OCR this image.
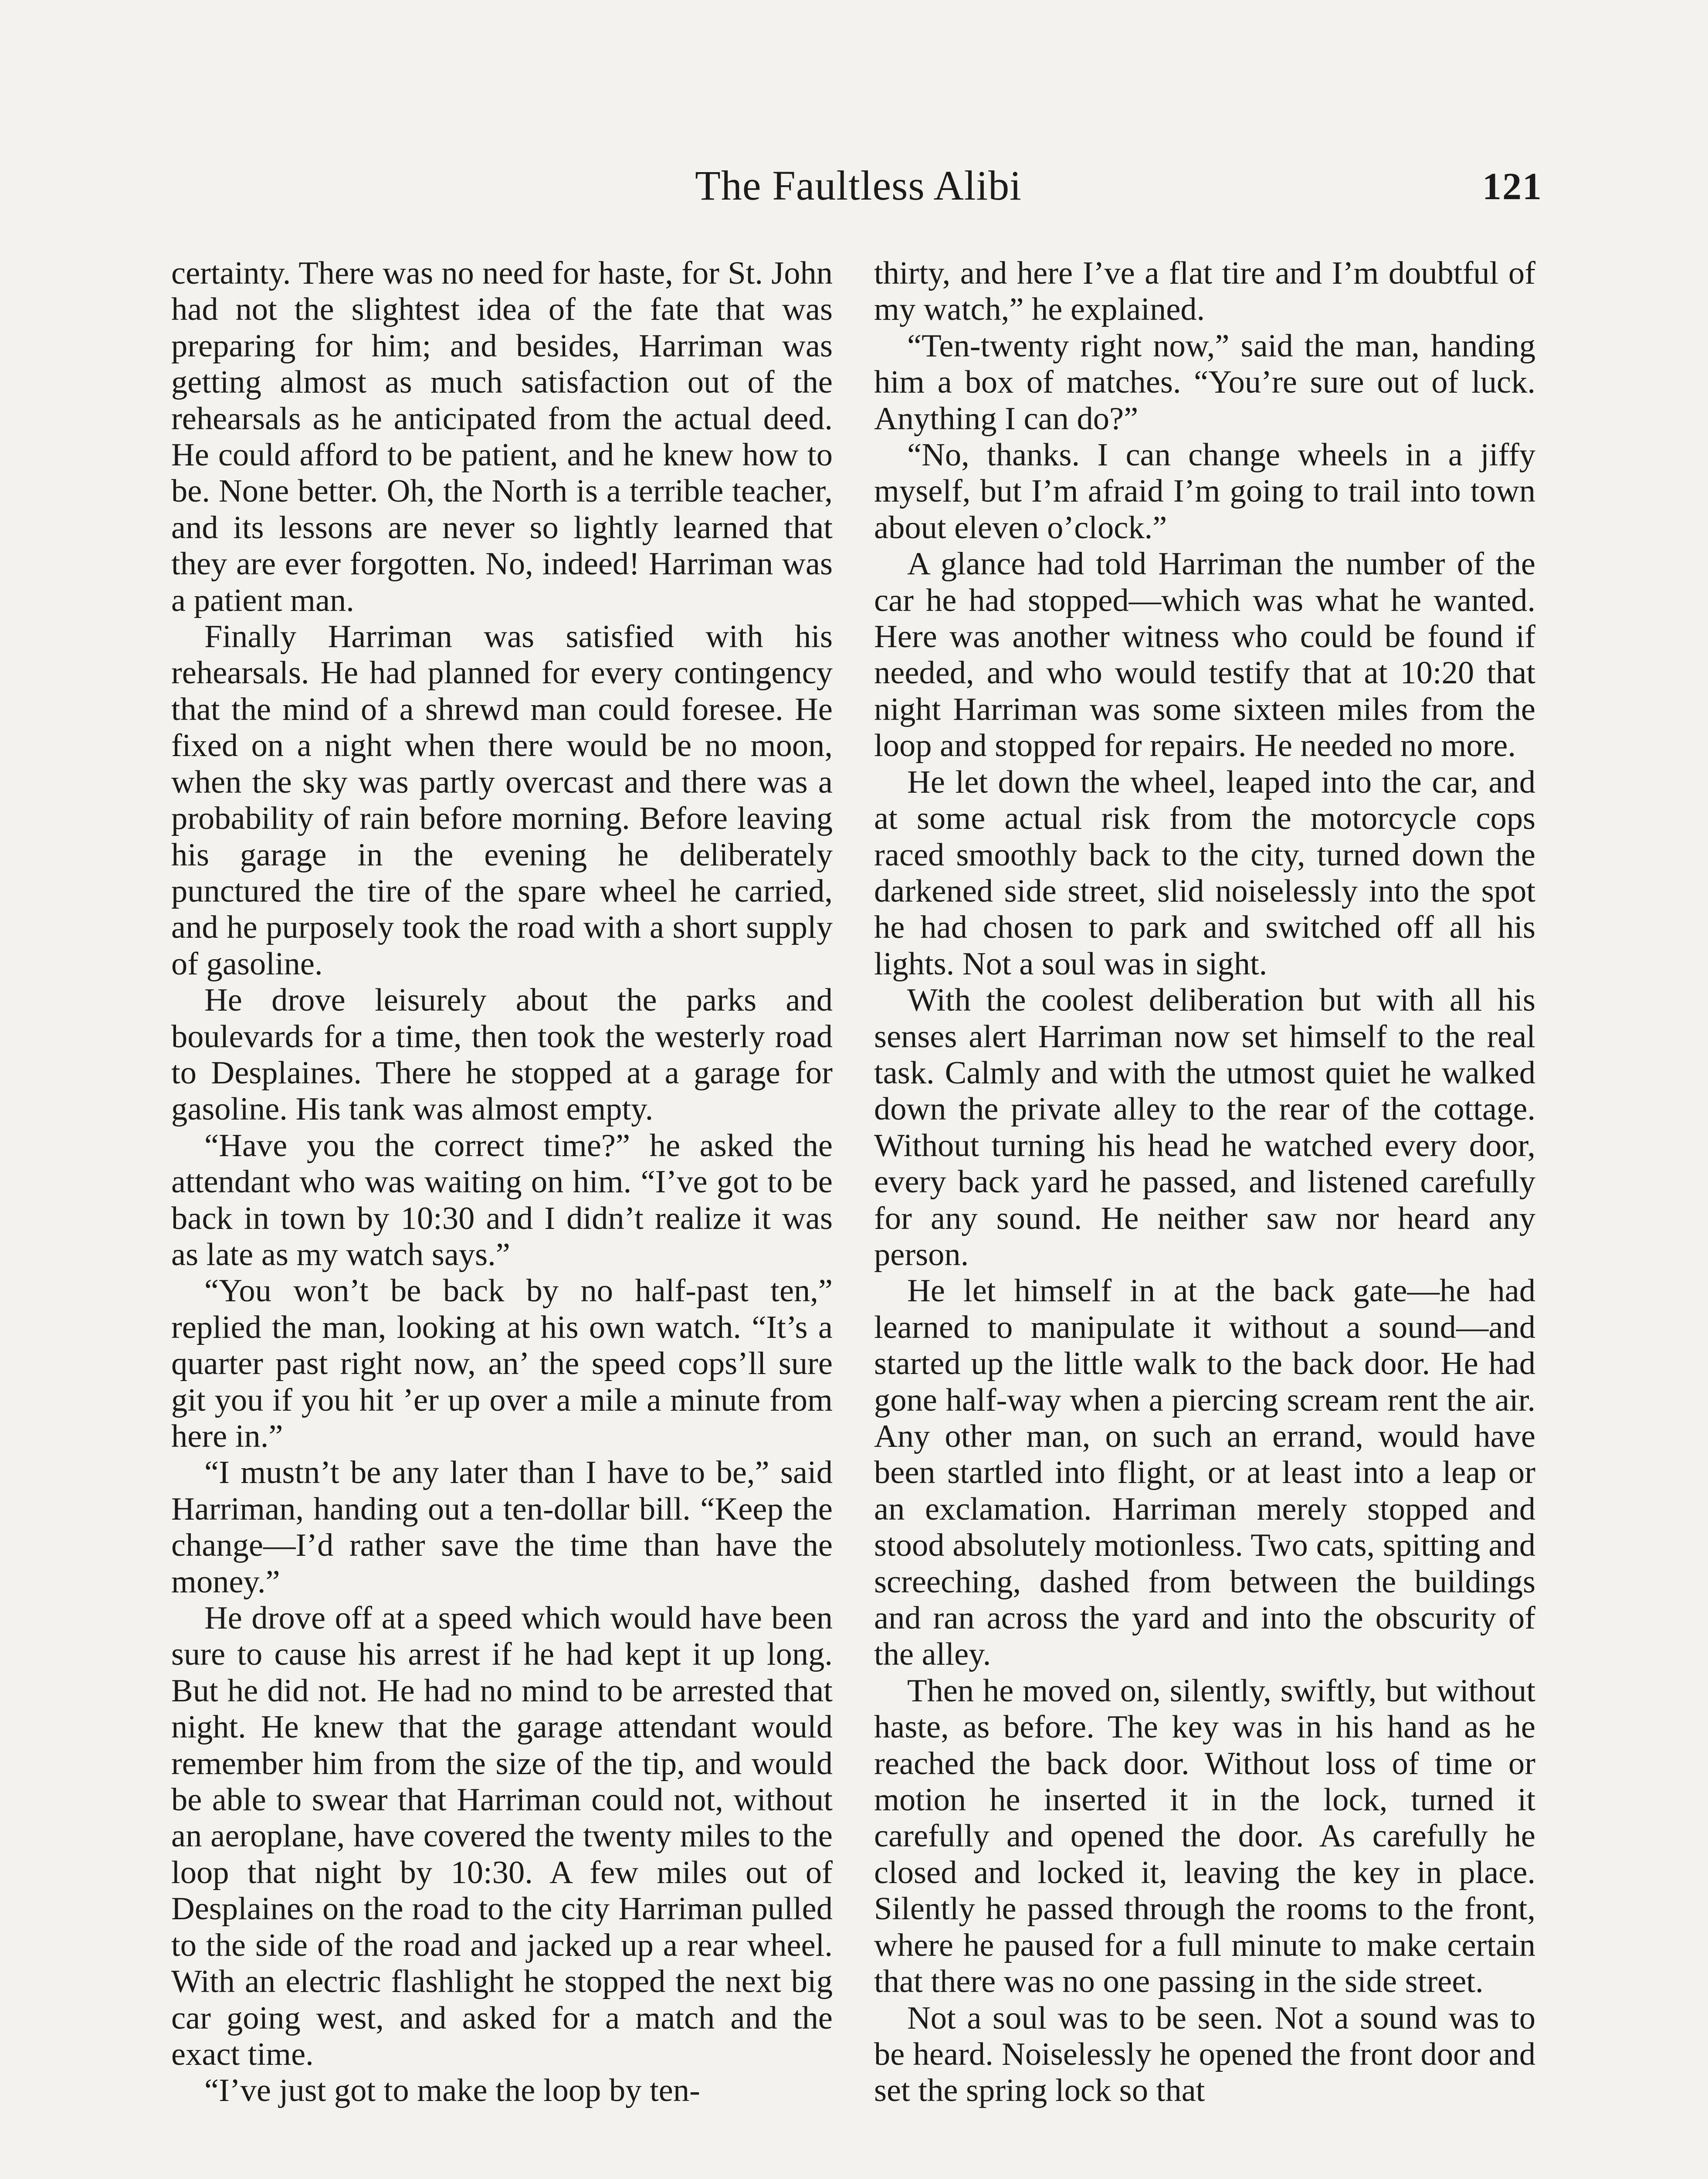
The Faultless Alibi	121

certainty. There was no need for haste, for St. John had not the slightest idea of the fate that was preparing for him; and besides, Harriman was getting almost as much satisfaction out of the rehearsals as he anticipated from the actual deed. He could afford to be patient, and he knew how to be. None better. Oh, the North is a terrible teacher, and its lessons are never so lightly learned that they are ever forgotten. No, indeed! Harriman was a patient man.

Finally Harriman was satisfied with his rehearsals. He had planned for every contingency that the mind of a shrewd man could foresee. He fixed on a night when there would be no moon, when the sky was partly overcast and there was a probability of rain before morning. Before leaving his garage in the evening he deliberately punctured the tire of the spare wheel he carried, and he purposely took the road with a short supply of gasoline.

He drove leisurely about the parks and boulevards for a time, then took the westerly road to Desplaines. There he stopped at a garage for gasoline. His tank was almost empty.

“Have you the correct time?” he asked the attendant who was waiting on him. “I’ve got to be back in town by 10:30 and I didn’t realize it was as late as my watch says.”

“You won’t be back by no half-past ten,” replied the man, looking at his own watch. “It’s a quarter past right now, an’ the speed cops’ll sure git you if you hit ’er up over a mile a minute from here in.”

“I mustn’t be any later than I have to be,” said Harriman, handing out a ten-dollar bill. “Keep the change—I’d rather save the time than have the money.”

He drove off at a speed which would have been sure to cause his arrest if he had kept it up long. But he did not. He had no mind to be arrested that night. He knew that the garage attendant would remember him from the size of the tip, and would be able to swear that Harriman could not, without an aeroplane, have covered the twenty miles to the loop that night by 10:30. A few miles out of Desplaines on the road to the city Harriman pulled to the side of the road and jacked up a rear wheel. With an electric flashlight he stopped the next big car going west, and asked for a match and the exact time.

“I’ve just got to make the loop by ten-

thirty, and here I’ve a flat tire and I’m doubtful of my watch,” he explained.

“Ten-twenty right now,” said the man, handing him a box of matches. “You’re sure out of luck. Anything I can do?”

“No, thanks. I can change wheels in a jiffy myself, but I’m afraid I’m going to trail into town about eleven o’clock.”

A glance had told Harriman the number of the car he had stopped—which was what he wanted. Here was another witness who could be found if needed, and who would testify that at 10:20 that night Harriman was some sixteen miles from the loop and stopped for repairs. He needed no more.

He let down the wheel, leaped into the car, and at some actual risk from the motorcycle cops raced smoothly back to the city, turned down the darkened side street, slid noiselessly into the spot he had chosen to park and switched off all his lights. Not a soul was in sight.

With the coolest deliberation but with all his senses alert Harriman now set himself to the real task. Calmly and with the utmost quiet he walked down the private alley to the rear of the cottage. Without turning his head he watched every door, every back yard he passed, and listened carefully for any sound. He neither saw nor heard any person.

He let himself in at the back gate—he had learned to manipulate it without a sound—and started up the little walk to the back door. He had gone half-way when a piercing scream rent the air. Any other man, on such an errand, would have been startled into flight, or at least into a leap or an exclamation. Harriman merely stopped and stood absolutely motionless. Two cats, spitting and screeching, dashed from between the buildings and ran across the yard and into the obscurity of the alley.

Then he moved on, silently, swiftly, but without haste, as before. The key was in his hand as he reached the back door. Without loss of time or motion he inserted it in the lock, turned it carefully and opened the door. As carefully he closed and locked it, leaving the key in place. Silently he passed through the rooms to the front, where he paused for a full minute to make certain that there was no one passing in the side street.

Not a soul was to be seen. Not a sound was to be heard. Noiselessly he opened the front door and set the spring lock so that
